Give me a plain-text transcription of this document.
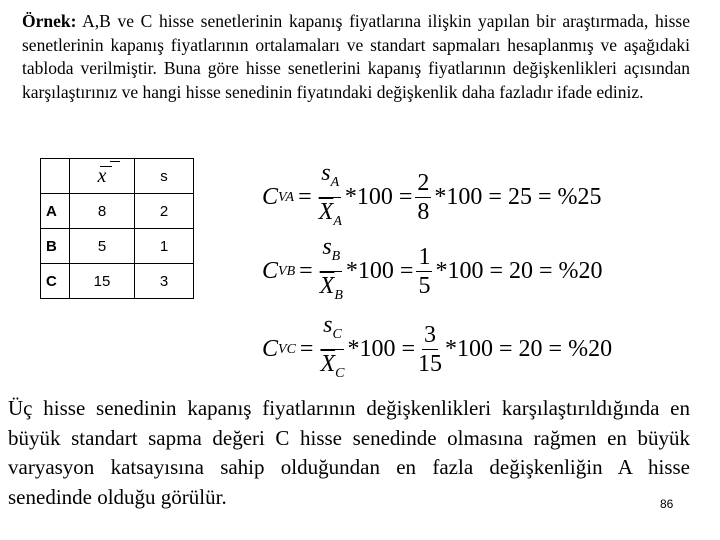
Örnek: A,B ve C hisse senetlerinin kapanış fiyatlarına ilişkin yapılan bir araştırmada, hisse senetlerinin kapanış fiyatlarının ortalamaları ve standart sapmaları hesaplanmış ve aşağıdaki tabloda verilmiştir. Buna göre hisse senetlerini kapanış fiyatlarının değişkenlikleri açısından karşılaştırınız ve hangi hisse senedinin fiyatındaki değişkenlik daha fazladır ifade ediniz.
	x	s
A	8	2
B	5	1
C	15	3
C VA = $\frac{s_A}{\overline{X}_A} *100 = \frac{2}{8} *100 = 25 = \%25$
C VB = $\frac{s_B}{\overline{X}_B} *100 = \frac{1}{5} *100 = 20 = \%20$
C VC = $\frac{s_C}{\overline{X}_C} *100 = \frac{3}{15} *100 = 20 = \%20$
Üç hisse senedinin kapanış fiyatlarının değişkenlikleri karşılaştırıldığında en büyük standart sapma değeri C hisse senedinde olmasına rağmen en büyük varyasyon katsayısına sahip olduğundan en fazla değişkenliğin A hisse senedinde olduğu görülür.	86
